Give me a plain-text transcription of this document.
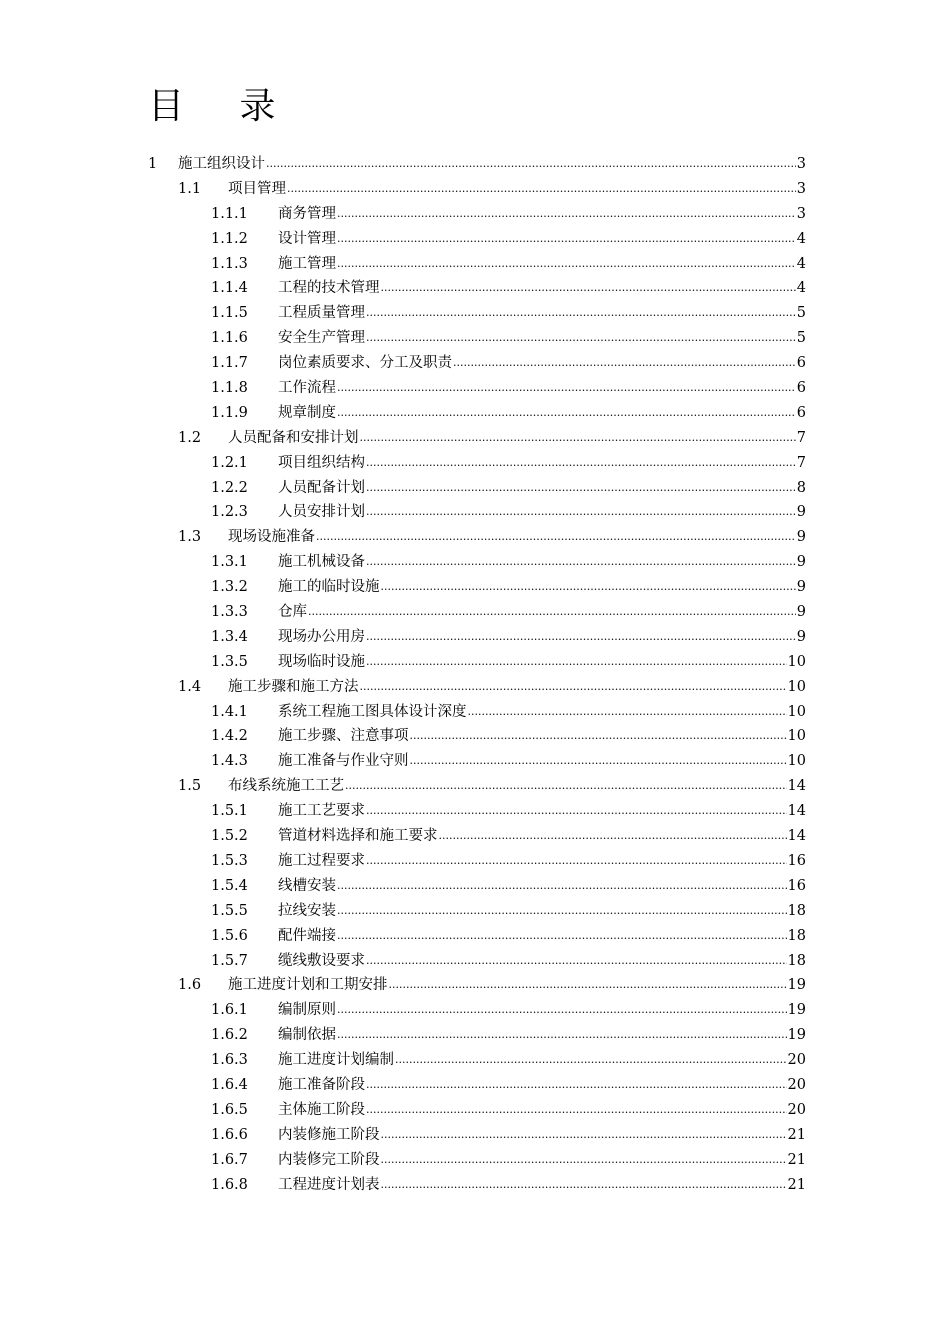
目 录
1 施工组织设计 .....	3
1.1 项目管理 .....	3
1.1.1 商务管理 .....	3
1.1.2 设计管理 .....	4
1.1.3 施工管理 .....	4
1.1.4 工程的技术管理 .....	4
1.1.5 工程质量管理 .....	5
1.1.6 安全生产管理 .....	5
1.1.7 岗位素质要求、分工及职责 .....	6
1.1.8 工作流程 .....	6
1.1.9 规章制度 .....	6
1.2 人员配备和安排计划 .....	7
1.2.1 项目组织结构 .....	7
1.2.2 人员配备计划 .....	8
1.2.3 人员安排计划 .....	9
1.3 现场设施准备 .....	9
1.3.1 施工机械设备 .....	9
1.3.2 施工的临时设施 .....	9
1.3.3 仓库 .....	9
1.3.4 现场办公用房 .....	9
1.3.5 现场临时设施 .....	10
1.4 施工步骤和施工方法 .....	10
1.4.1 系统工程施工图具体设计深度 .....	10
1.4.2 施工步骤、注意事项 .....	10
1.4.3 施工准备与作业守则 .....	10
1.5 布线系统施工工艺 .....	14
1.5.1 施工工艺要求 .....	14
1.5.2 管道材料选择和施工要求 .....	14
1.5.3 施工过程要求 .....	16
1.5.4 线槽安装 .....	16
1.5.5 拉线安装 .....	18
1.5.6 配件端接 .....	18
1.5.7 缆线敷设要求 .....	18
1.6 施工进度计划和工期安排 .....	19
1.6.1 编制原则 .....	19
1.6.2 编制依据 .....	19
1.6.3 施工进度计划编制 .....	20
1.6.4 施工准备阶段 .....	20
1.6.5 主体施工阶段 .....	20
1.6.6 内装修施工阶段 .....	21
1.6.7 内装修完工阶段 .....	21
1.6.8 工程进度计划表 .....	21
